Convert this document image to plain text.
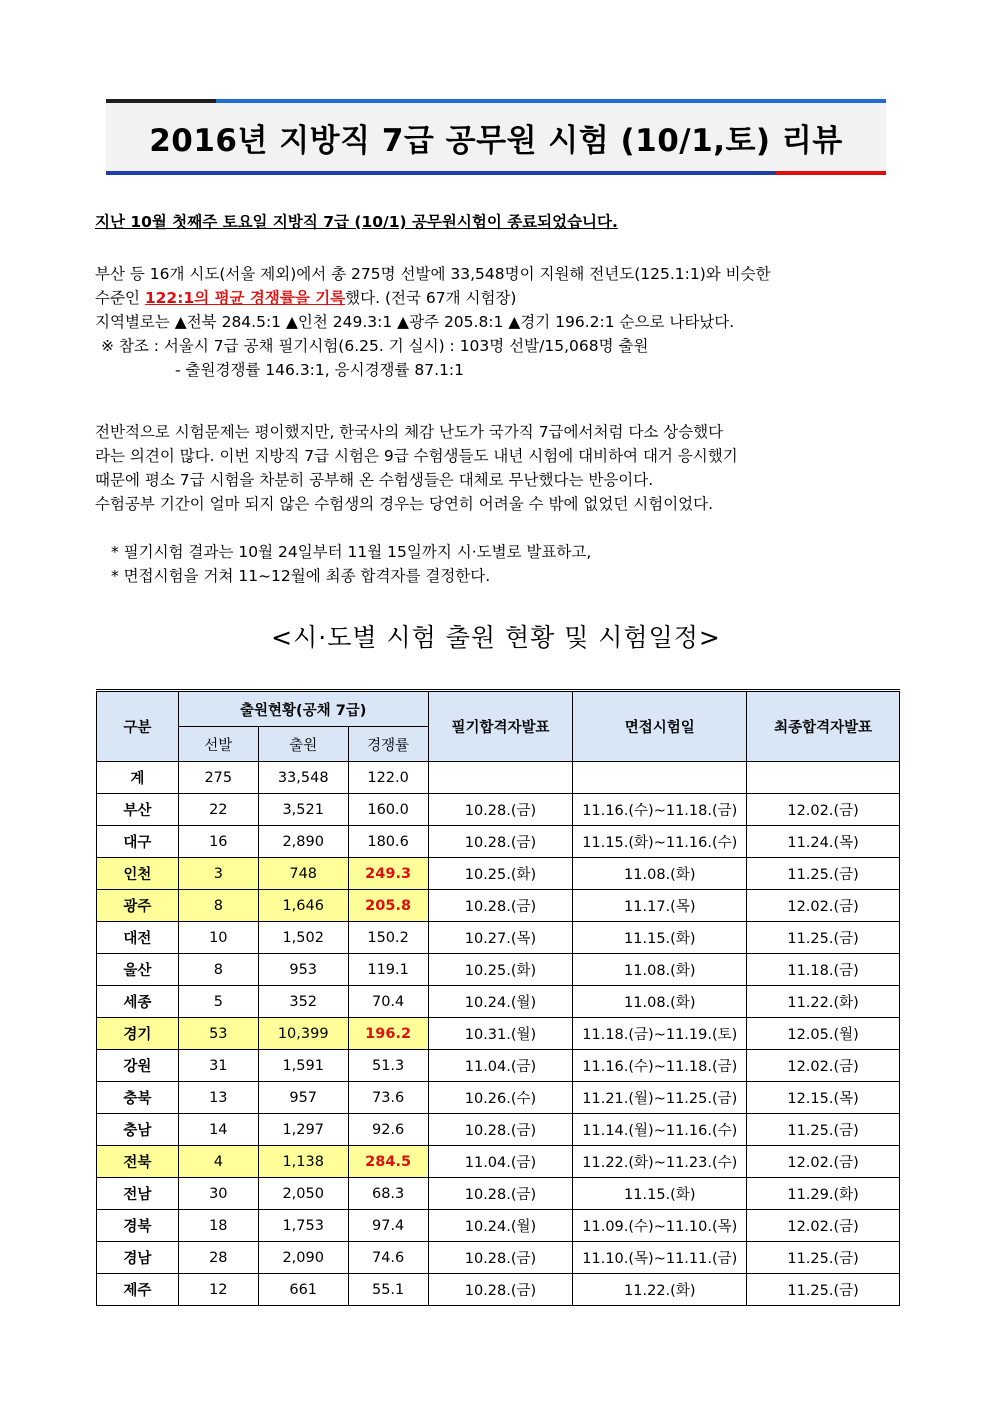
2016년 지방직 7급 공무원 시험 (10/1,토) 리뷰
지난 10월 첫째주 토요일 지방직 7급 (10/1) 공무원시험이 종료되었습니다.

부산 등 16개 시도(서울 제외)에서 총 275명 선발에 33,548명이 지원해 전년도(125.1:1)와 비슷한

수준인 122:1의 평균 경쟁률을 기록했다. (전국 67개 시험장)

지역별로는 ▲전북 284.5:1 ▲인천 249.3:1 ▲광주 205.8:1 ▲경기 196.2:1 순으로 나타났다.

※ 참조 : 서울시 7급 공채 필기시험(6.25. 기 실시) : 103명 선발/15,068명 출원

- 출원경쟁률 146.3:1, 응시경쟁률 87.1:1

전반적으로 시험문제는 평이했지만, 한국사의 체감 난도가 국가직 7급에서처럼 다소 상승했다

라는 의견이 많다. 이번 지방직 7급 시험은 9급 수험생들도 내년 시험에 대비하여 대거 응시했기

때문에 평소 7급 시험을 차분히 공부해 온 수험생들은 대체로 무난했다는 반응이다.

수험공부 기간이 얼마 되지 않은 수험생의 경우는 당연히 어려울 수 밖에 없었던 시험이었다.

* 필기시험 결과는 10월 24일부터 11월 15일까지 시·도별로 발표하고,

* 면접시험을 거쳐 11~12월에 최종 합격자를 결정한다.

<시·도별 시험 출원 현황 및 시험일정>
구분	출원현황(공채 7급)			필기합격자발표	면접시험일	최종합격자발표
	선발	출원	경쟁률			
계	275	33,548	122.0			
부산	22	3,521	160.0	10.28.(금)	11.16.(수)~11.18.(금)	12.02.(금)
대구	16	2,890	180.6	10.28.(금)	11.15.(화)~11.16.(수)	11.24.(목)
인천	3	748	249.3	10.25.(화)	11.08.(화)	11.25.(금)
광주	8	1,646	205.8	10.28.(금)	11.17.(목)	12.02.(금)
대전	10	1,502	150.2	10.27.(목)	11.15.(화)	11.25.(금)
울산	8	953	119.1	10.25.(화)	11.08.(화)	11.18.(금)
세종	5	352	70.4	10.24.(월)	11.08.(화)	11.22.(화)
경기	53	10,399	196.2	10.31.(월)	11.18.(금)~11.19.(토)	12.05.(월)
강원	31	1,591	51.3	11.04.(금)	11.16.(수)~11.18.(금)	12.02.(금)
충북	13	957	73.6	10.26.(수)	11.21.(월)~11.25.(금)	12.15.(목)
충남	14	1,297	92.6	10.28.(금)	11.14.(월)~11.16.(수)	11.25.(금)
전북	4	1,138	284.5	11.04.(금)	11.22.(화)~11.23.(수)	12.02.(금)
전남	30	2,050	68.3	10.28.(금)	11.15.(화)	11.29.(화)
경북	18	1,753	97.4	10.24.(월)	11.09.(수)~11.10.(목)	12.02.(금)
경남	28	2,090	74.6	10.28.(금)	11.10.(목)~11.11.(금)	11.25.(금)
제주	12	661	55.1	10.28.(금)	11.22.(화)	11.25.(금)
